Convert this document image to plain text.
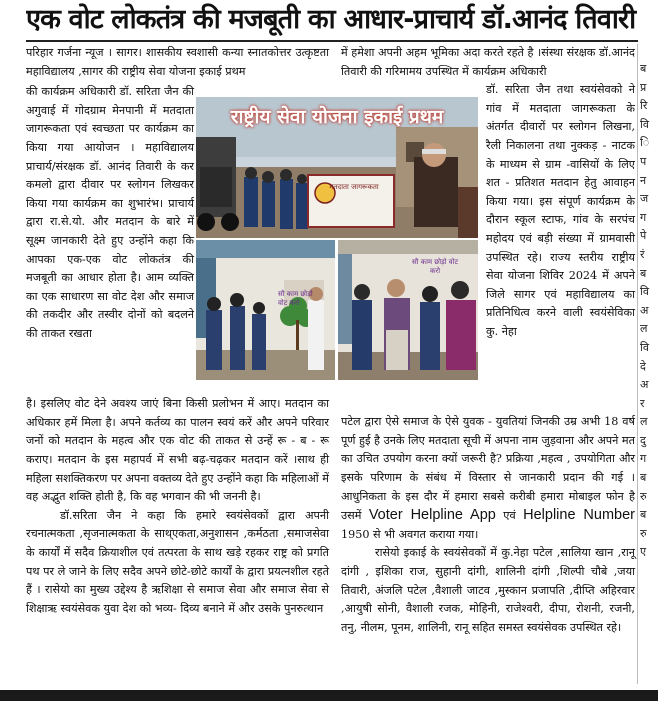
एक वोट लोकतंत्र की मजबूती का आधार-प्राचार्य डॉ.आनंद तिवारी

परिहार गर्जना न्यूज । सागर। शासकीय स्वशासी कन्या स्नातकोत्तर उत्कृष्टता महाविद्यालय ,सागर की राष्ट्रीय सेवा योजना इकाई प्रथम

की कार्यक्रम अधिकारी डॉ. सरिता जैन की अगुवाई में गोदग्राम मेनपानी में मतदाता जागरूकता एवं स्वच्छता पर कार्यक्रम का किया गया आयोजन । महाविद्यालय प्राचार्य/संरक्षक डॉ. आनंद तिवारी के कर कमलो द्वारा दीवार पर स्लोगन लिखकर किया गया कार्यक्रम का शुभारंभ। प्राचार्य द्वारा रा.से.यो. और मतदान के बारे में सूक्ष्म जानकारी देते हुए उन्होंने कहा कि आपका एक-एक वोट लोकतंत्र की मजबूती का आधार होता है। आम व्यक्ति का एक साधारण सा वोट देश और समाज की तकदीर और तस्वीर दोनों को बदलने की ताकत रखता

है। इसलिए वोट देने अवश्य जाएं बिना किसी प्रलोभन में आए। मतदान का अधिकार हमें मिला है। अपने कर्तव्य का पालन स्वयं करें और अपने परिवार जनों को मतदान के महत्व और एक वोट की ताकत से उन्हें रू - ब - रू कराए। मतदान के इस महापर्व में सभी बढ़-चढ़कर मतदान करें ।साथ ही महिला सशक्तिकरण पर अपना वक्तव्य देते हुए उन्होंने कहा कि महिलाओं में वह अद्भुत शक्ति होती है, कि वह भगवान की भी जननी है।

डॉ.सरिता जैन ने कहा कि हमारे स्वयंसेवकों द्वारा अपनी रचनात्मकता ,सृजनात्मकता के साथ्एकता,अनुशासन ,कर्मठता ,समाजसेवा के कार्यों में सदैव क्रियाशील एवं तत्परता के साथ खड़े रहकर राष्ट्र को प्रगति पथ पर ले जाने के लिए सदैव अपने छोटे-छोटे कार्यों के द्वारा प्रयत्नशील रहते हैं । रासेयो का मुख्य उद्देश्य है ऋशिक्षा से समाज सेवा और समाज सेवा से शिक्षाऋ स्वयंसेवक युवा देश को भव्य- दिव्य बनाने में और उसके पुनरुत्थान

में हमेशा अपनी अहम भूमिका अदा करते रहते है ।संस्था संरक्षक डॉ.आनंद तिवारी की गरिमामय उपस्थित में कार्यक्रम अधिकारी

डॉ. सरिता जैन तथा स्वयंसेवको ने गांव में मतदाता जागरूकता के अंतर्गत दीवारों पर स्लोगन लिखना, रैली निकालना तथा नुक्कड़ - नाटक के माध्यम से ग्राम -वासियों के लिए शत - प्रतिशत मतदान हेतु आवाहन किया गया। इस संपूर्ण कार्यक्रम के दौरान स्कूल स्टाफ, गांव के सरपंच महोदय एवं बड़ी संख्या में ग्रामवासी उपस्थित रहे। राज्य स्तरीय राष्ट्रीय सेवा योजना शिविर 2024 में अपने जिले सागर एवं महाविद्यालय का प्रतिनिधित्व करने वाली स्वयंसेविका कु. नेहा

पटेल द्वारा ऐसे समाज के ऐसे युवक - युवतियां जिनकी उम्र अभी 18 वर्ष पूर्ण हुई है उनके लिए मतदाता सूची में अपना नाम जुड़वाना और अपने मत का उचित उपयोग करना क्यों जरूरी है? प्रक्रिया ,महत्व , उपयोगिता और इसके परिणाम के संबंध में विस्तार से जानकारी प्रदान की गई । आधुनिकता के इस दौर में हमारा सबसे करीबी हमारा मोबाइल फोन है उसमें Voter Helpline App एवं Helpline Number 1950 से भी अवगत कराया गया।

रासेयो इकाई के स्वयंसेवकों में कु.नेहा पटेल ,सालिया खान ,रानू दांगी , इशिका राज, सुहानी दांगी, शालिनी दांगी ,शिल्पी चौबे ,जया तिवारी, अंजलि पटेल ,वैशाली जाटव ,मुस्कान प्रजापति ,दीप्ति अहिरवार ,आयुषी सोनी, वैशाली रजक, मोहिनी, राजेश्वरी, दीपा, रोशनी, रजनी, तनु, नीलम, पूनम, शालिनी, रानू सहित समस्त स्वयंसेवक उपस्थित रहे।

राष्ट्रीय सेवा योजना इकाई प्रथम
मतदाता जागरूकता
सौ काम छोड़ो वोट करो
सौ काम छोड़ो वोट करो
ब
प्र
रि
वि
ि
प
न
ज
ग
पे
रं
ब
वि
अ
ल
वि
दे
अ
र
ल
दु
ग
ब
रु
ब
रु
ए
